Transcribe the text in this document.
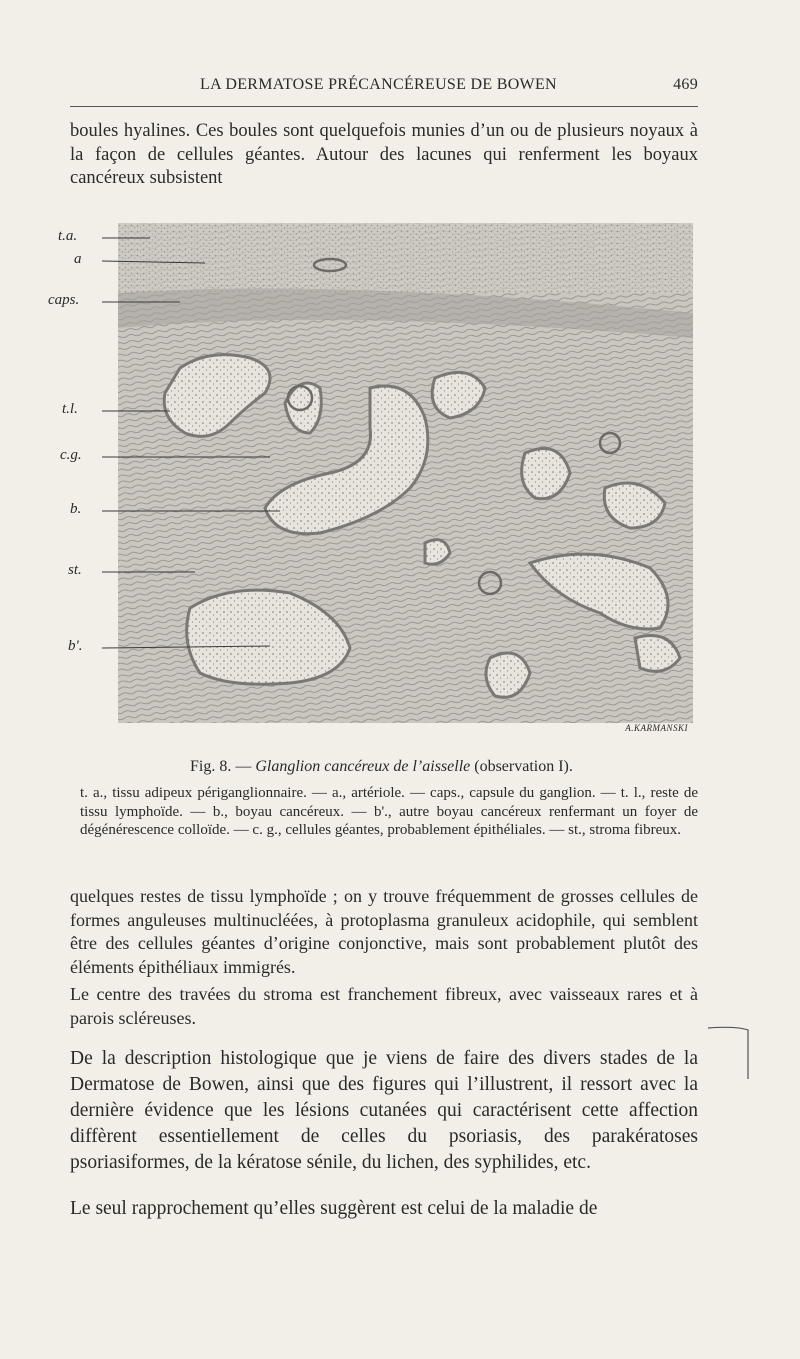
LA DERMATOSE PRÉCANCÉREUSE DE BOWEN	469
boules hyalines. Ces boules sont quelquefois munies d’un ou de plusieurs noyaux à la façon de cellules géantes. Autour des lacunes qui renferment les boyaux cancéreux subsistent
t.a.
a
caps.
t.l.
c.g.
b.
st.
b'.
A.KARMANSKI
Fig. 8. — Glanglion cancéreux de l’aisselle (observation I).
t. a., tissu adipeux périganglionnaire. — a., artériole. — caps., capsule du ganglion. — t. l., reste de tissu lymphoïde. — b., boyau cancéreux. — b'., autre boyau cancéreux renfermant un foyer de dégénérescence colloïde. — c. g., cellules géantes, probablement épithéliales. — st., stroma fibreux.
quelques restes de tissu lymphoïde ; on y trouve fréquemment de grosses cellules de formes anguleuses multinucléées, à protoplasma granuleux acidophile, qui semblent être des cellules géantes d’origine conjonctive, mais sont probablement plutôt des éléments épithéliaux immigrés.
Le centre des travées du stroma est franchement fibreux, avec vaisseaux rares et à parois scléreuses.
De la description histologique que je viens de faire des divers stades de la Dermatose de Bowen, ainsi que des figures qui l’illustrent, il ressort avec la dernière évidence que les lésions cutanées qui caractérisent cette affection diffèrent essentiellement de celles du psoriasis, des parakératoses psoriasiformes, de la kératose sénile, du lichen, des syphilides, etc.
Le seul rapprochement qu’elles suggèrent est celui de la maladie de
